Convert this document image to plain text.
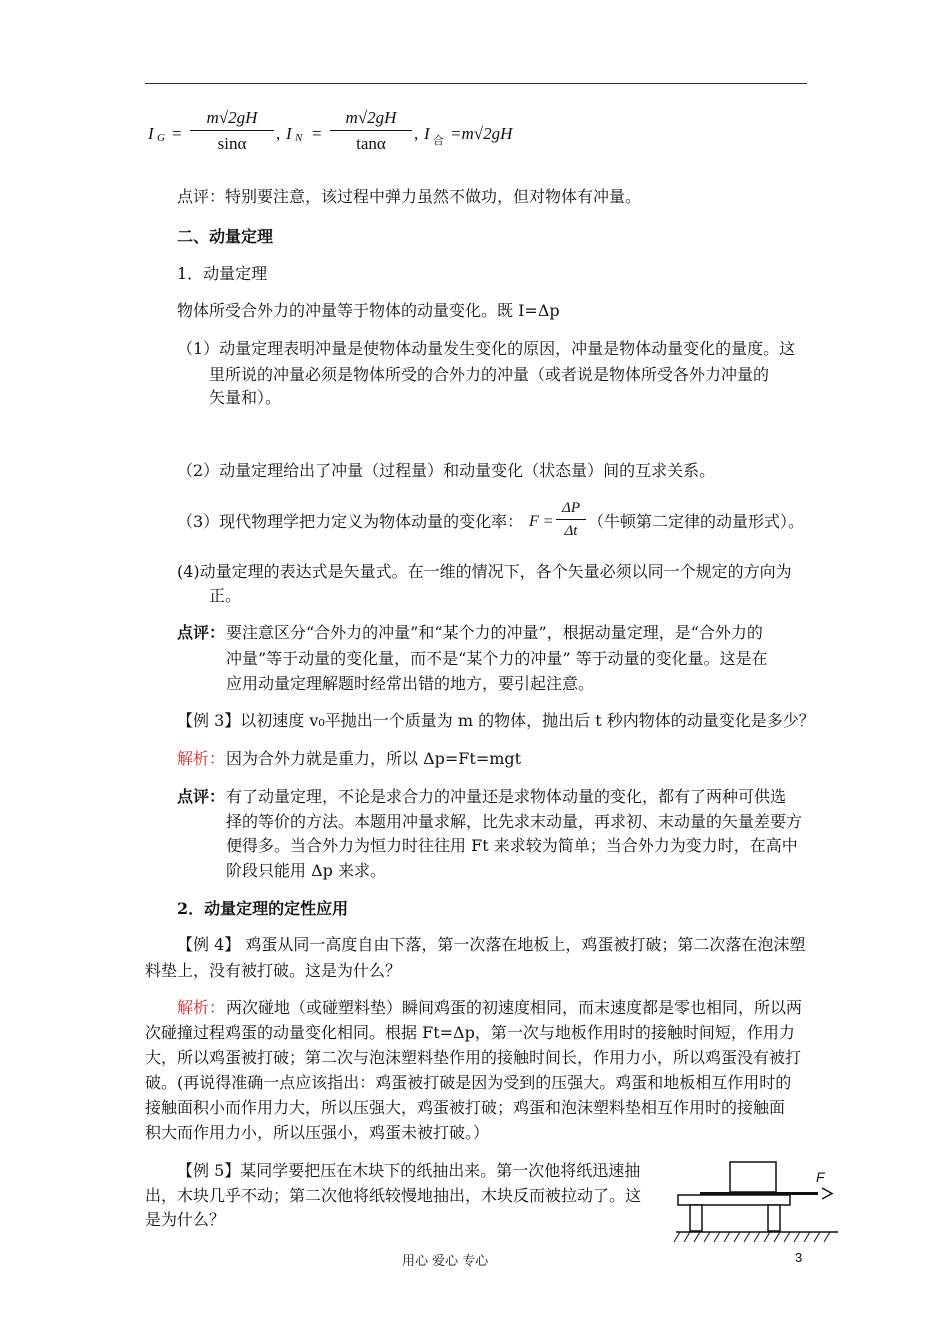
I $G = \frac{m√2gH}{\sin\alpha}$ , I $N = \frac{m√2gH}{\tan\alpha}$ , I 合 =m√2gH
点评：特别要注意，该过程中弹力虽然不做功，但对物体有冲量。
二、动量定理
1．动量定理
物体所受合外力的冲量等于物体的动量变化。既 I=Δp
（1）动量定理表明冲量是使物体动量发生变化的原因，冲量是物体动量变化的量度。这
里所说的冲量必须是物体所受的合外力的冲量（或者说是物体所受各外力冲量的
矢量和）。
（2）动量定理给出了冲量（过程量）和动量变化（状态量）间的互求关系。
（3）现代物理学把力定义为物体动量的变化率： $F = \frac{\Delta P}{\Delta t}$ （牛顿第二定律的动量形式）。
(4)动量定理的表达式是矢量式。在一维的情况下，各个矢量必须以同一个规定的方向为
正。
点评： 要注意区分“合外力的冲量”和“某个力的冲量”，根据动量定理，是“合外力的
冲量”等于动量的变化量，而不是“某个力的冲量” 等于动量的变化量。这是在
应用动量定理解题时经常出错的地方，要引起注意。
【例 3】以初速度 v₀平抛出一个质量为 m 的物体，抛出后 t 秒内物体的动量变化是多少？
解析： 因为合外力就是重力，所以 Δp=Ft=mgt
点评： 有了动量定理，不论是求合力的冲量还是求物体动量的变化，都有了两种可供选
择的等价的方法。本题用冲量求解，比先求末动量，再求初、末动量的矢量差要方
便得多。当合外力为恒力时往往用 Ft 来求较为简单；当合外力为变力时，在高中
阶段只能用 Δp 来求。
2．动量定理的定性应用
【例 4】 鸡蛋从同一高度自由下落，第一次落在地板上，鸡蛋被打破；第二次落在泡沫塑
料垫上，没有被打破。这是为什么？
解析： 两次碰地（或碰塑料垫）瞬间鸡蛋的初速度相同，而末速度都是零也相同，所以两
次碰撞过程鸡蛋的动量变化相同。根据 Ft=Δp，第一次与地板作用时的接触时间短，作用力
大，所以鸡蛋被打破；第二次与泡沫塑料垫作用的接触时间长，作用力小，所以鸡蛋没有被打
破。(再说得准确一点应该指出：鸡蛋被打破是因为受到的压强大。鸡蛋和地板相互作用时的
接触面积小而作用力大，所以压强大，鸡蛋被打破；鸡蛋和泡沫塑料垫相互作用时的接触面
积大而作用力小，所以压强小，鸡蛋未被打破。）
【例 5】某同学要把压在木块下的纸抽出来。第一次他将纸迅速抽
出，木块几乎不动；第二次他将纸较慢地抽出，木块反而被拉动了。这
是为什么？
F
用心 爱心 专心	3
